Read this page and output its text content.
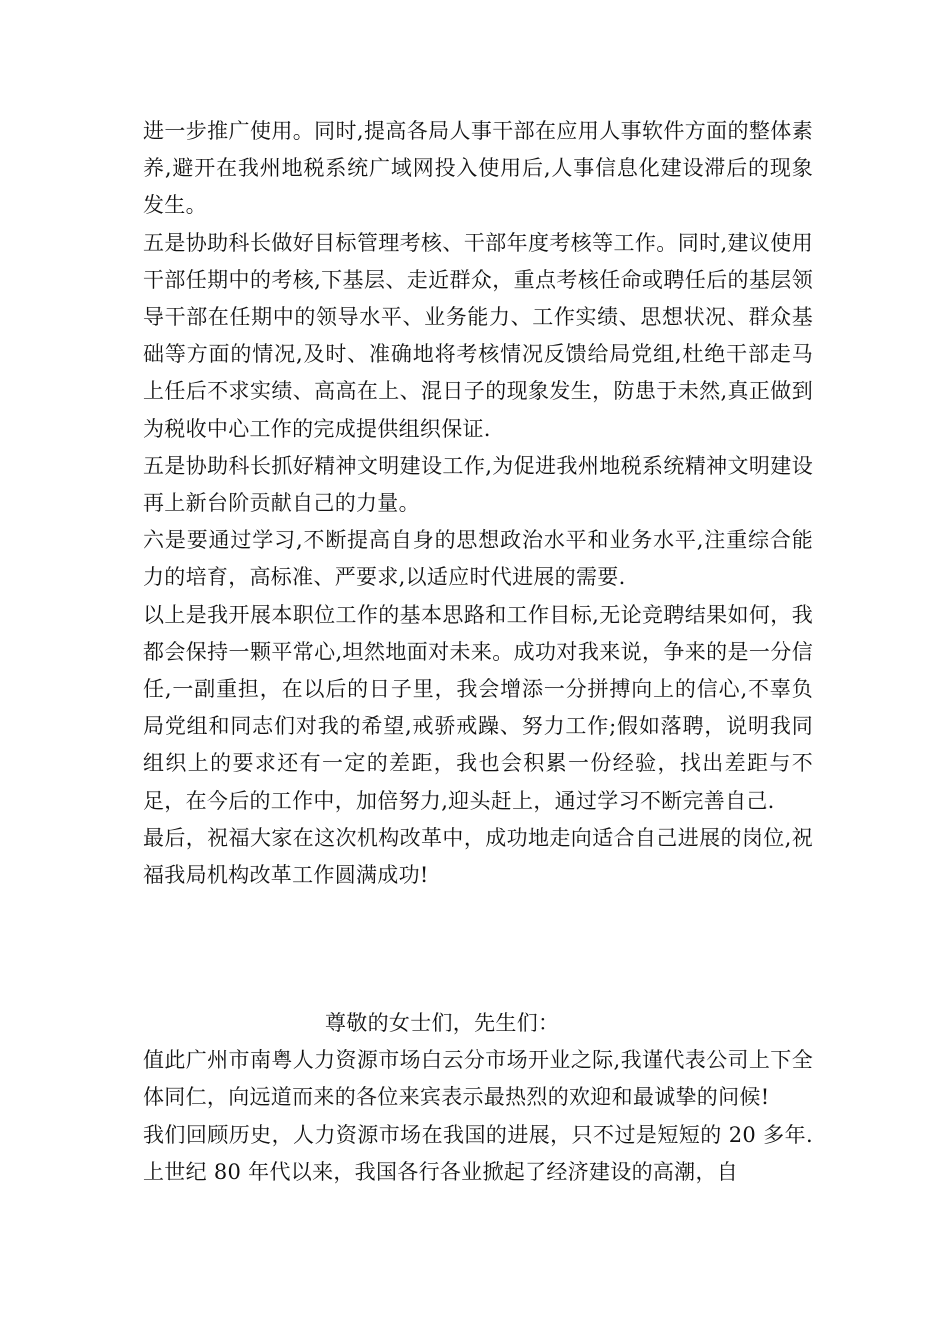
进一步推广使用。同时,提高各局人事干部在应用人事软件方面的整体素养,避开在我州地税系统广域网投入使用后,人事信息化建设滞后的现象发生。

五是协助科长做好目标管理考核、干部年度考核等工作。同时,建议使用干部任期中的考核,下基层、走近群众，重点考核任命或聘任后的基层领导干部在任期中的领导水平、业务能力、工作实绩、思想状况、群众基础等方面的情况,及时、准确地将考核情况反馈给局党组,杜绝干部走马上任后不求实绩、高高在上、混日子的现象发生，防患于未然,真正做到为税收中心工作的完成提供组织保证.

五是协助科长抓好精神文明建设工作,为促进我州地税系统精神文明建设再上新台阶贡献自己的力量。

六是要通过学习,不断提高自身的思想政治水平和业务水平,注重综合能力的培育，高标准、严要求,以适应时代进展的需要.

以上是我开展本职位工作的基本思路和工作目标,无论竞聘结果如何，我都会保持一颗平常心,坦然地面对未来。成功对我来说，争来的是一分信任,一副重担，在以后的日子里，我会增添一分拼搏向上的信心,不辜负局党组和同志们对我的希望,戒骄戒躁、努力工作;假如落聘，说明我同组织上的要求还有一定的差距，我也会积累一份经验，找出差距与不足，在今后的工作中，加倍努力,迎头赶上，通过学习不断完善自己.

最后，祝福大家在这次机构改革中，成功地走向适合自己进展的岗位,祝福我局机构改革工作圆满成功!

尊敬的女士们，先生们：

值此广州市南粤人力资源市场白云分市场开业之际,我谨代表公司上下全体同仁，向远道而来的各位来宾表示最热烈的欢迎和最诚挚的问候!

我们回顾历史，人力资源市场在我国的进展，只不过是短短的 20 多年. 上世纪 80 年代以来，我国各行各业掀起了经济建设的高潮，自
